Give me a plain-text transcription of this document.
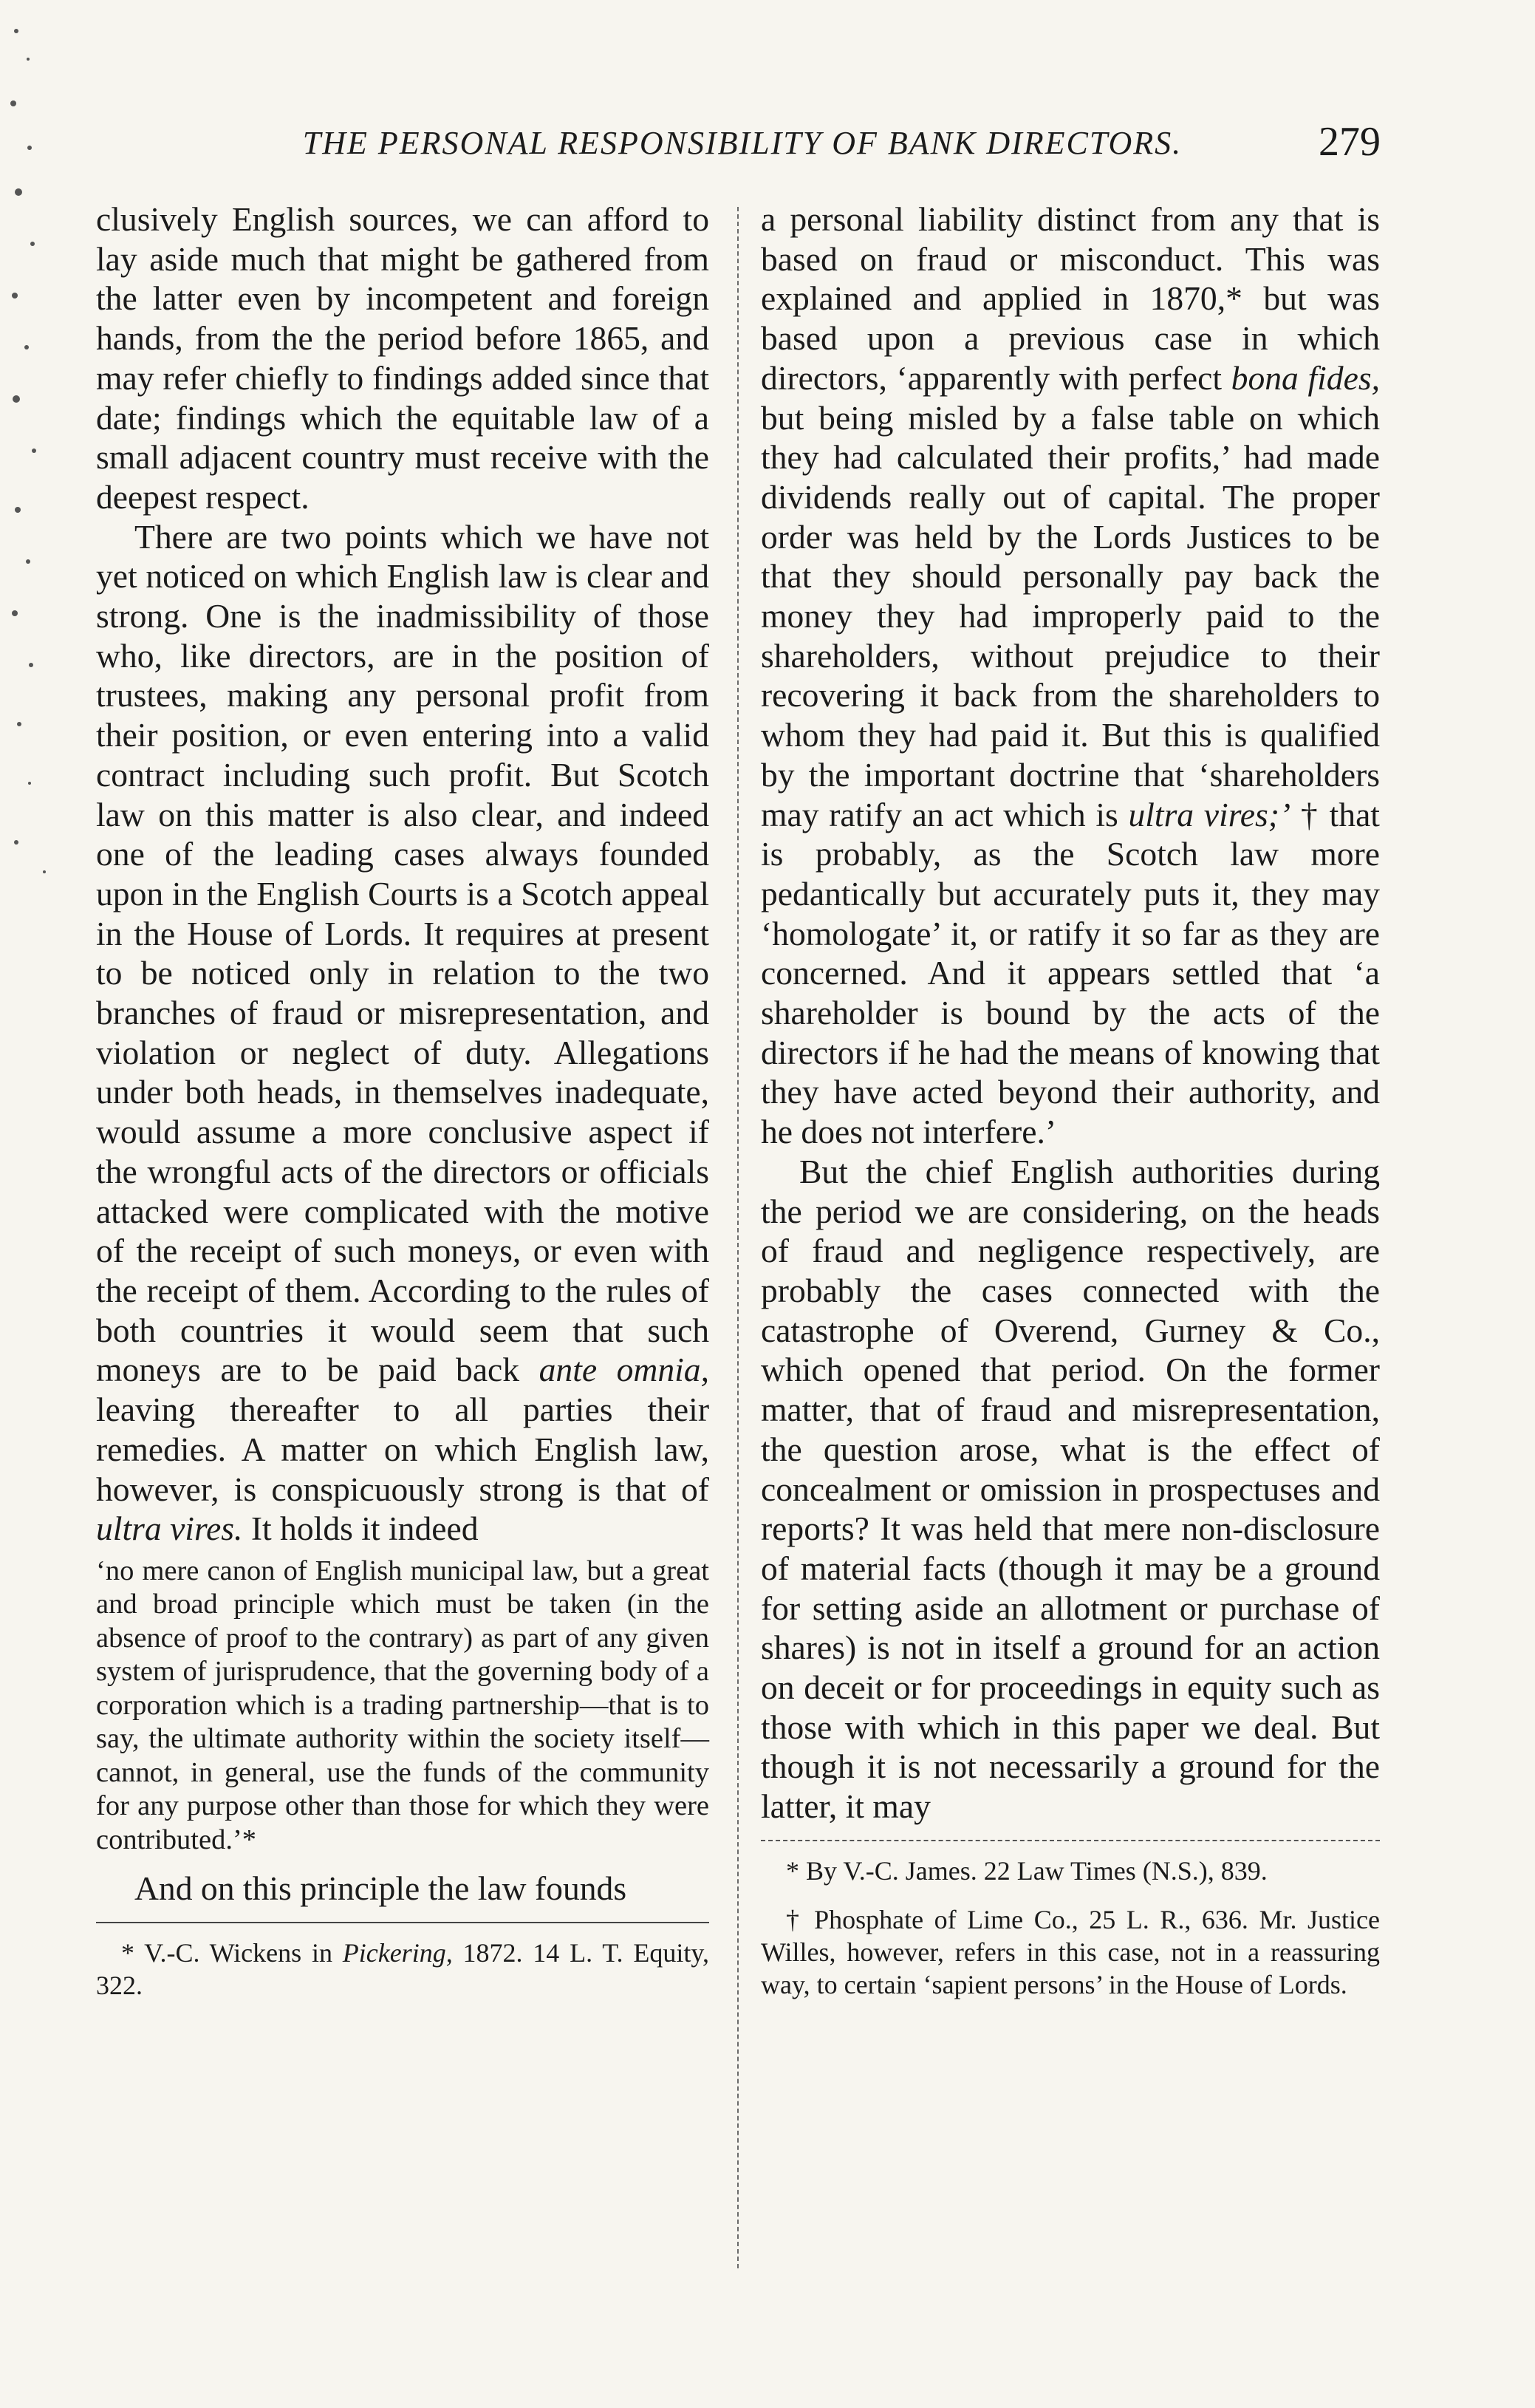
THE PERSONAL RESPONSIBILITY OF BANK DIRECTORS.	279

clusively English sources, we can afford to lay aside much that might be gathered from the latter even by incompetent and foreign hands, from the the period before 1865, and may refer chiefly to findings added since that date; findings which the equitable law of a small adjacent country must receive with the deepest respect.

There are two points which we have not yet noticed on which English law is clear and strong. One is the inadmissibility of those who, like directors, are in the position of trustees, making any personal profit from their position, or even entering into a valid contract including such profit. But Scotch law on this matter is also clear, and indeed one of the leading cases always founded upon in the English Courts is a Scotch appeal in the House of Lords. It requires at present to be noticed only in relation to the two branches of fraud or misrepresentation, and violation or neglect of duty. Allegations under both heads, in themselves inadequate, would assume a more conclusive aspect if the wrongful acts of the directors or officials attacked were complicated with the motive of the receipt of such moneys, or even with the receipt of them. According to the rules of both countries it would seem that such moneys are to be paid back ante omnia, leaving thereafter to all parties their remedies. A matter on which English law, however, is conspicuously strong is that of ultra vires. It holds it indeed

‘no mere canon of English municipal law, but a great and broad principle which must be taken (in the absence of proof to the contrary) as part of any given system of jurisprudence, that the governing body of a corporation which is a trading partnership—that is to say, the ultimate authority within the society itself—cannot, in general, use the funds of the community for any purpose other than those for which they were contributed.’*

And on this principle the law founds

* V.-C. Wickens in Pickering, 1872. 14 L. T. Equity, 322.

a personal liability distinct from any that is based on fraud or misconduct. This was explained and applied in 1870,* but was based upon a previous case in which directors, ‘apparently with perfect bona fides, but being misled by a false table on which they had calculated their profits,’ had made dividends really out of capital. The proper order was held by the Lords Justices to be that they should personally pay back the money they had improperly paid to the shareholders, without prejudice to their recovering it back from the shareholders to whom they had paid it. But this is qualified by the important doctrine that ‘shareholders may ratify an act which is ultra vires;’ † that is probably, as the Scotch law more pedantically but accurately puts it, they may ‘homologate’ it, or ratify it so far as they are concerned. And it appears settled that ‘a shareholder is bound by the acts of the directors if he had the means of knowing that they have acted beyond their authority, and he does not interfere.’

But the chief English authorities during the period we are considering, on the heads of fraud and negligence respectively, are probably the cases connected with the catastrophe of Overend, Gurney & Co., which opened that period. On the former matter, that of fraud and misrepresentation, the question arose, what is the effect of concealment or omission in prospectuses and reports? It was held that mere non-disclosure of material facts (though it may be a ground for setting aside an allotment or purchase of shares) is not in itself a ground for an action on deceit or for proceedings in equity such as those with which in this paper we deal. But though it is not necessarily a ground for the latter, it may

* By V.-C. James. 22 Law Times (N.S.), 839.

† Phosphate of Lime Co., 25 L. R., 636. Mr. Justice Willes, however, refers in this case, not in a reassuring way, to certain ‘sapient persons’ in the House of Lords.
